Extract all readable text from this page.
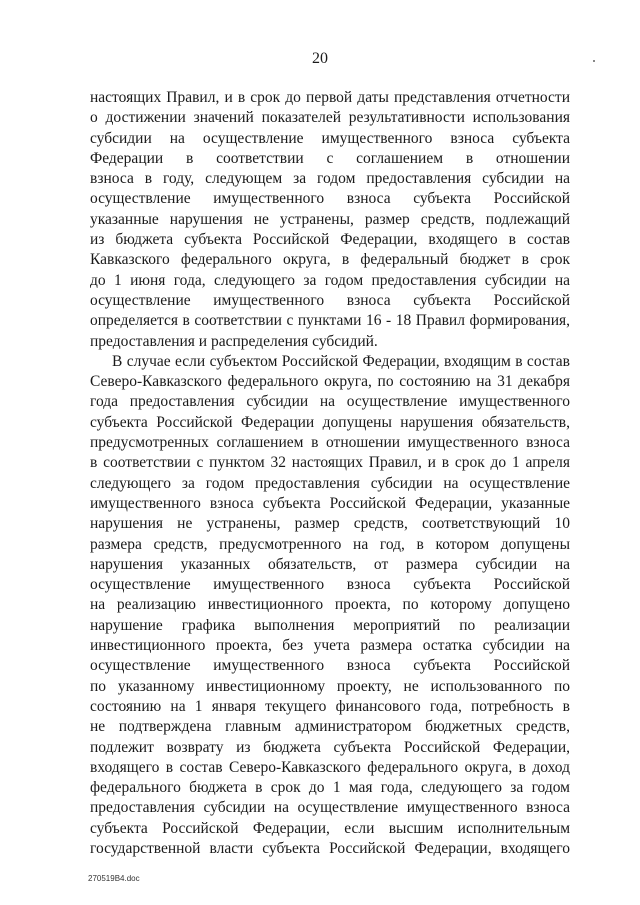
20
настоящих Правил, и в срок до первой даты представления отчетности
о достижении значений показателей результативности использования
субсидии на осуществление имущественного взноса субъекта
Федерации в соответствии с соглашением в отношении
взноса в году, следующем за годом предоставления субсидии на
осуществление имущественного взноса субъекта Российской
указанные нарушения не устранены, размер средств, подлежащий
из бюджета субъекта Российской Федерации, входящего в состав
Кавказского федерального округа, в федеральный бюджет в срок
до 1 июня года, следующего за годом предоставления субсидии на
осуществление имущественного взноса субъекта Российской
определяется в соответствии с пунктами 16 - 18 Правил формирования,
предоставления и распределения субсидий.
В случае если субъектом Российской Федерации, входящим в состав
Северо-Кавказского федерального округа, по состоянию на 31 декабря
года предоставления субсидии на осуществление имущественного
субъекта Российской Федерации допущены нарушения обязательств,
предусмотренных соглашением в отношении имущественного взноса
в соответствии с пунктом 32 настоящих Правил, и в срок до 1 апреля
следующего за годом предоставления субсидии на осуществление
имущественного взноса субъекта Российской Федерации, указанные
нарушения не устранены, размер средств, соответствующий 10
размера средств, предусмотренного на год, в котором допущены
нарушения указанных обязательств, от размера субсидии на
осуществление имущественного взноса субъекта Российской
на реализацию инвестиционного проекта, по которому допущено
нарушение графика выполнения мероприятий по реализации
инвестиционного проекта, без учета размера остатка субсидии на
осуществление имущественного взноса субъекта Российской
по указанному инвестиционному проекту, не использованного по
состоянию на 1 января текущего финансового года, потребность в
не подтверждена главным администратором бюджетных средств,
подлежит возврату из бюджета субъекта Российской Федерации,
входящего в состав Северо-Кавказского федерального округа, в доход
федерального бюджета в срок до 1 мая года, следующего за годом
предоставления субсидии на осуществление имущественного взноса
субъекта Российской Федерации, если высшим исполнительным
государственной власти субъекта Российской Федерации, входящего
270519В4.doc
